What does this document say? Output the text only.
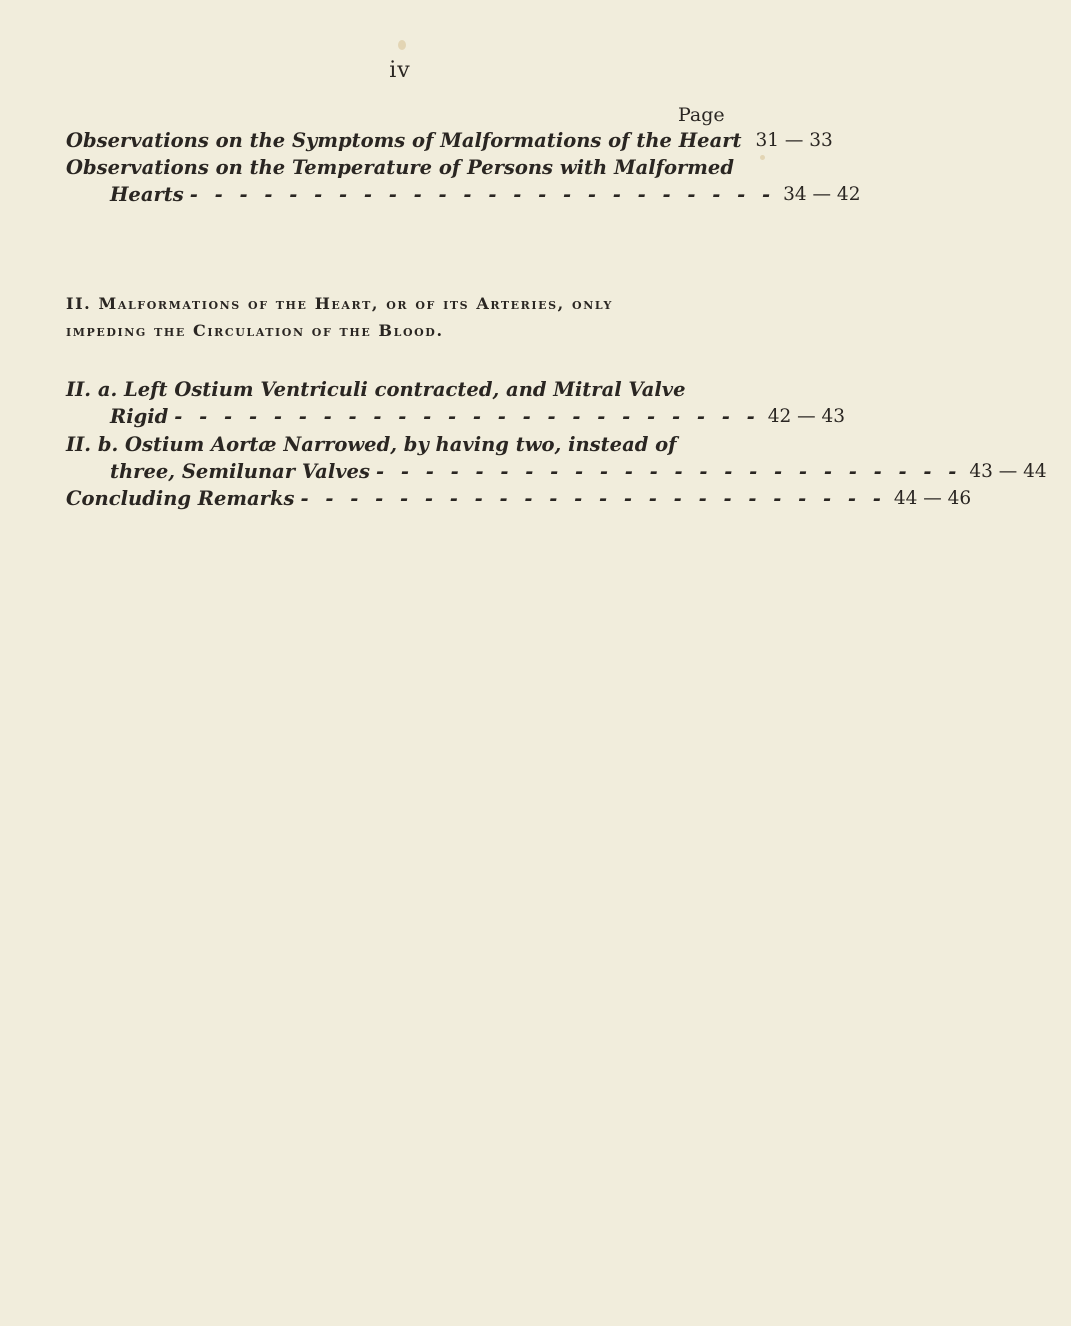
iv
Page
Observations on the Symptoms of Malformations of the Heart 31 — 33
Observations on the Temperature of Persons with Malformed
Hearts - - - - - - - - - - - - - - - - - - - - - - - - 34 — 42
II. Malformations of the Heart, or of its Arteries, only impeding the Circulation of the Blood.
II. a. Left Ostium Ventriculi contracted, and Mitral Valve
Rigid - - - - - - - - - - - - - - - - - - - - - - - - 42 — 43
II. b. Ostium Aortæ Narrowed, by having two, instead of
three, Semilunar Valves - - - - - - - - - - - - - - - - - - - - - - - - 43 — 44
Concluding Remarks - - - - - - - - - - - - - - - - - - - - - - - - 44 — 46
